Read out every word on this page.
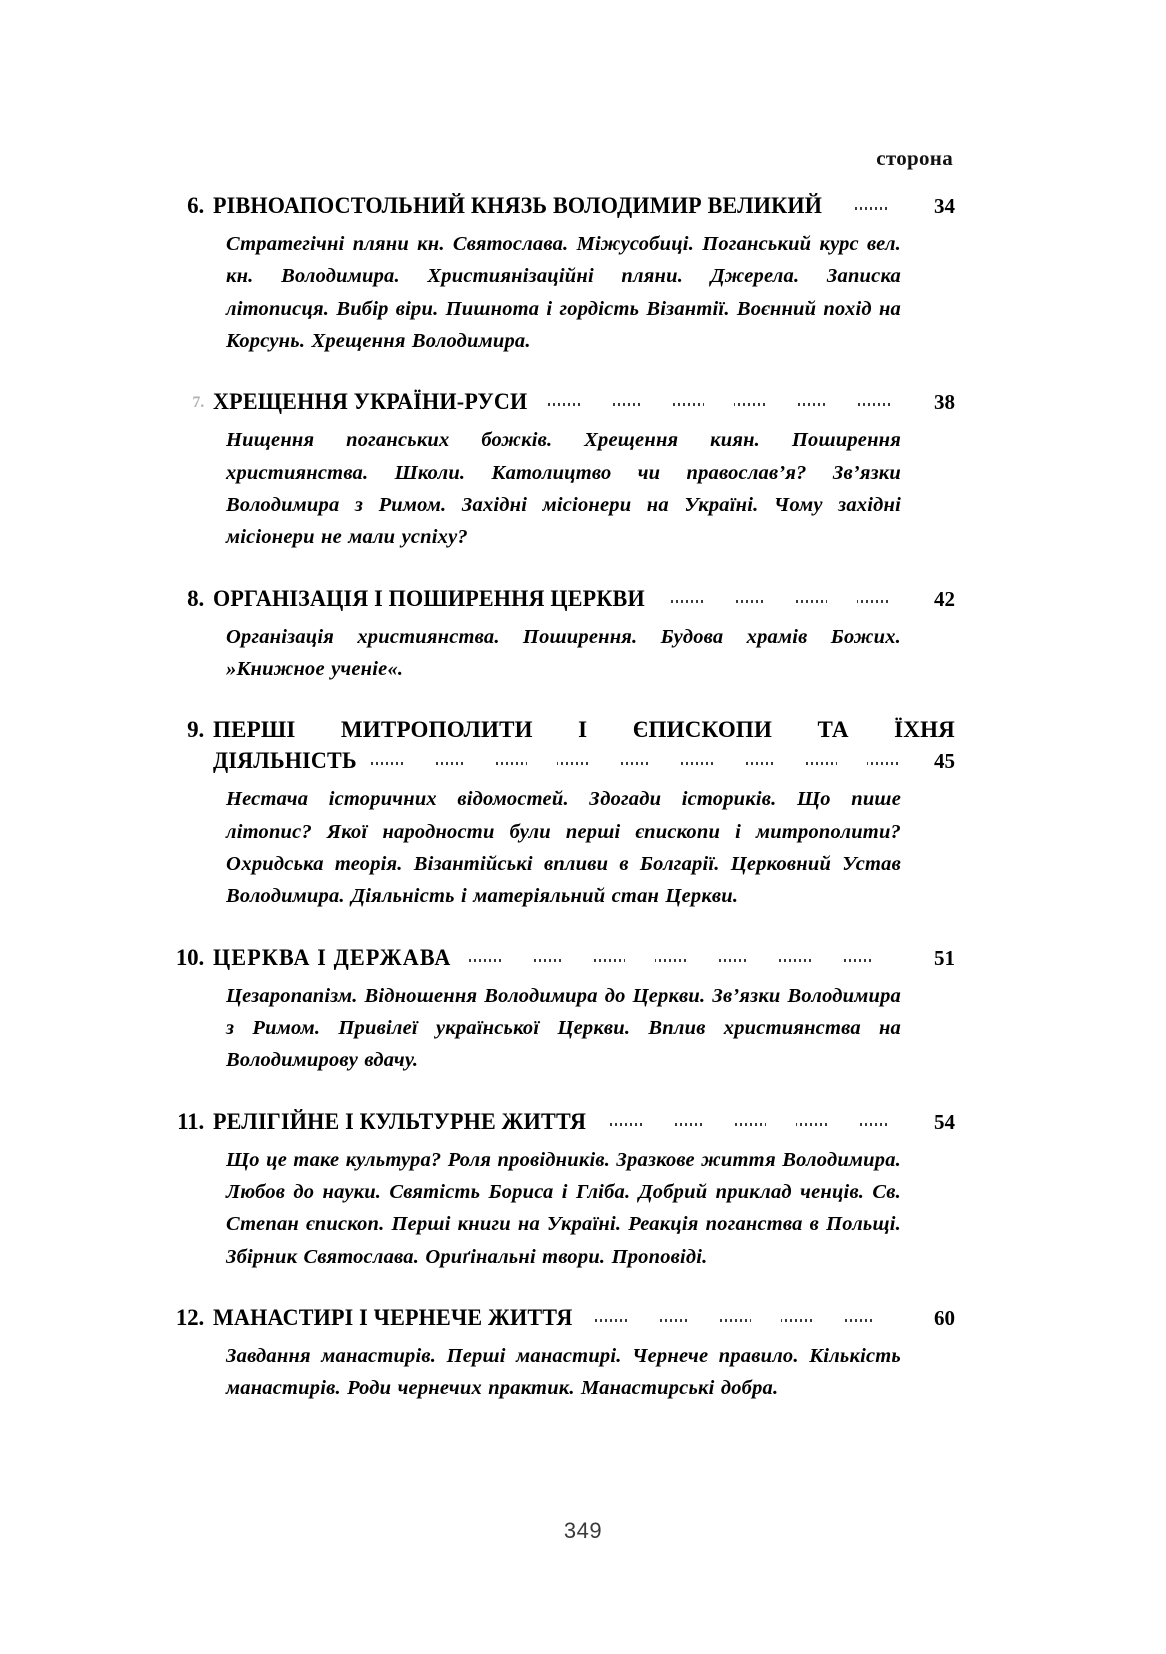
сторона
6. РІВНОАПОСТОЛЬНИЙ КНЯЗЬ ВОЛОДИМИР ВЕЛИКИЙ	34
Стратегічні пляни кн. Святослава. Міжусобиці. Поганський курс вел. кн. Володимира. Християнізаційні пляни. Джерела. Записка літописця. Вибір віри. Пишнота і гордість Візантії. Воєнний похід на Корсунь. Хрещення Володимира.
7. ХРЕЩЕННЯ УКРАЇНИ-РУСИ	38
Нищення поганських божків. Хрещення киян. Поширення християнства. Школи. Католицтво чи православ’я? Зв’язки Володимира з Римом. Західні місіонери на Україні. Чому західні місіонери не мали успіху?
8. ОРГАНІЗАЦІЯ І ПОШИРЕННЯ ЦЕРКВИ	42
Організація християнства. Поширення. Будова храмів Божих. »Книжное ученіе«.
9. ПЕРШІ МИТРОПОЛИТИ І ЄПИСКОПИ ТА ЇХНЯ
ДІЯЛЬНІСТЬ	45
Нестача історичних відомостей. Здогади істориків. Що пише літопис? Якої народности були перші єпископи і митрополити? Охридська теорія. Візантійські впливи в Болгарії. Церковний Устав Володимира. Діяльність і матеріяльний стан Церкви.
10. ЦЕРКВА І ДЕРЖАВА	51
Цезаропапізм. Відношення Володимира до Церкви. Зв’язки Володимира з Римом. Привілеї української Церкви. Вплив християнства на Володимирову вдачу.
11. РЕЛІГІЙНЕ І КУЛЬТУРНЕ ЖИТТЯ	54
Що це таке культура? Роля провідників. Зразкове життя Володимира. Любов до науки. Святість Бориса і Гліба. Добрий приклад ченців. Св. Степан єпископ. Перші книги на Україні. Реакція поганства в Польщі. Збірник Святослава. Ориґінальні твори. Проповіді.
12. МАНАСТИРІ І ЧЕРНЕЧЕ ЖИТТЯ	60
Завдання манастирів. Перші манастирі. Чернече правило. Кількість манастирів. Роди чернечих практик. Манастирські добра.
349
